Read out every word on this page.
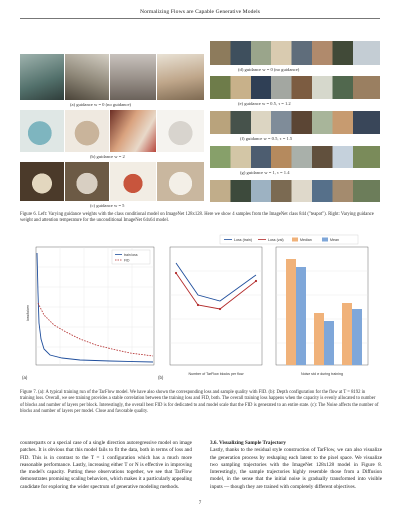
Normalizing Flows are Capable Generative Models
(a) guidance w = 0 (no guidance)
(b) guidance w = 2
(c) guidance w = 5
(d) guidance w = 0 (no guidance)
(e) guidance w = 0.5, τ = 1.2
(f) guidance w = 0.5, τ = 1.5
(g) guidance w = 1, τ = 1.4
Figure 6. Left: Varying guidance weights with the class conditional model on ImageNet 128x128. Here we show 4 samples from the ImageNet class 844 ("teapot"). Right: Varying guidance weight and attention temperature for the unconditional ImageNet 64x64 model.
Loss (train)	Loss (val)	Median	Mean
train loss
FID
loss/token
(a)
Number of TarFlow blocks per flow
(b)
Noise std σ during training
Figure 7. (a): A typical training run of the TarFlow model. We have also shown the corresponding loss and sample quality with FID. (b): Depth configuration for the flow at T = 8192 in training loss. Overall, we see training provides a stable correlation between the training loss and FID, both. The overall training loss happens when the capacity is evenly allocated to number of blocks and number of layers per block. Interestingly, the overall best FID is for dedicated to and model scale that the FID is generated to an entire state. (c): The Noise affects the number of blocks and number of layers per model. Close and favorable quality.
counterparts or a special case of a single direction autoregressive model on image patches. It is obvious that this model fails to fit the data, both in terms of loss and FID. This is in contrast to the T = 1 configuration which has a much more reasonable performance. Lastly, increasing either T or N is effective in improving the model's capacity. Putting these observations together, we see that TarFlow demonstrates promising scaling behaviors, which makes it a particularly appealing candidate for exploring the wider spectrum of generative modeling methods.
3.6. Visualizing Sample Trajectory
Lastly, thanks to the residual style construction of TarFlow, we can also visualize the generation process by reshaping each latent to the pixel space. We visualize two sampling trajectories with the ImageNet 128x128 model in Figure 8. Interestingly, the sample trajectories highly resemble those from a Diffusion model, in the sense that the initial noise is gradually transformed into visible inputs — though they are trained with completely different objectives.
7
